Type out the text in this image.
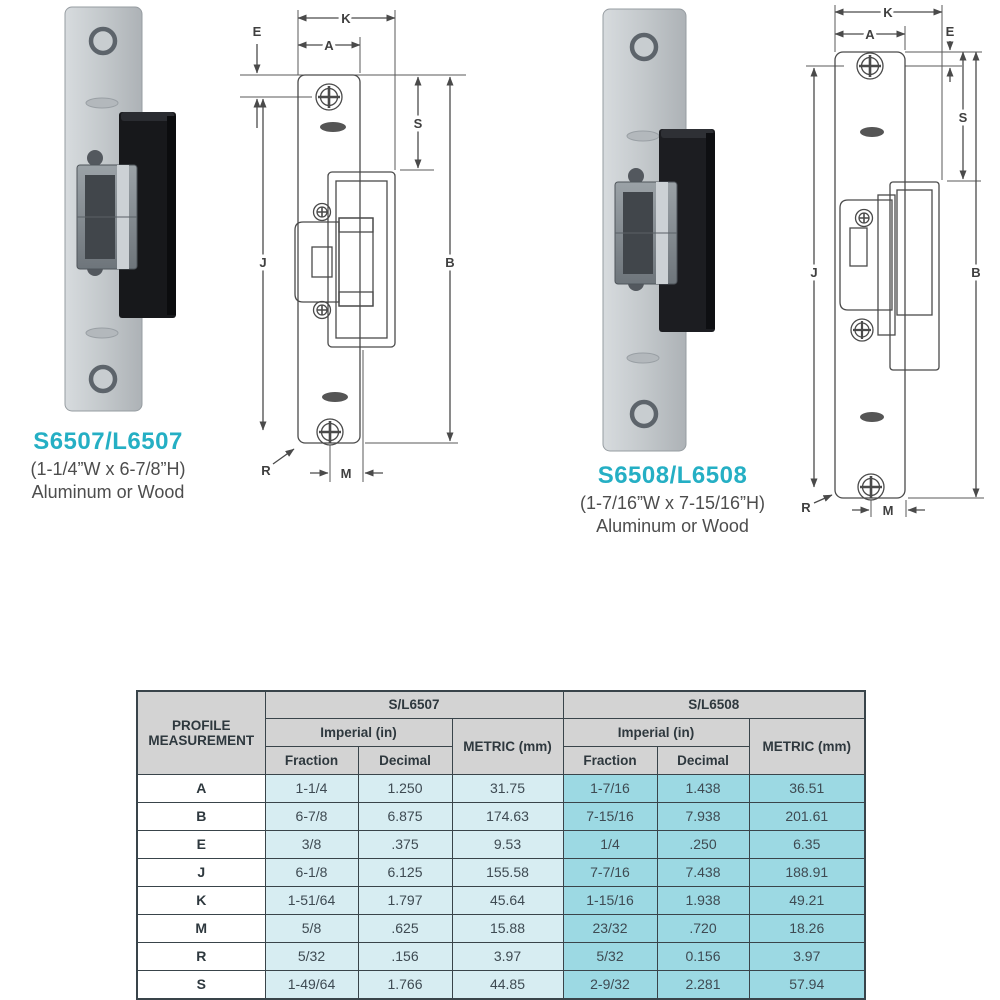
K
A
E
S
B
J
R	M
K
A	E
S
B
J
R	M
S6507/L6507
(1-1/4”W x 6-7/8”H)
Aluminum or Wood
S6508/L6508
(1-7/16”W x 7-15/16”H)
Aluminum or Wood
PROFILE MEASUREMENT	S/L6507			S/L6508		
	Imperial (in)		METRIC (mm)	Imperial (in)		METRIC (mm)
	Fraction	Decimal		Fraction	Decimal	
A	1-1/4	1.250	31.75	1-7/16	1.438	36.51
B	6-7/8	6.875	174.63	7-15/16	7.938	201.61
E	3/8	.375	9.53	1/4	.250	6.35
J	6-1/8	6.125	155.58	7-7/16	7.438	188.91
K	1-51/64	1.797	45.64	1-15/16	1.938	49.21
M	5/8	.625	15.88	23/32	.720	18.26
R	5/32	.156	3.97	5/32	0.156	3.97
S	1-49/64	1.766	44.85	2-9/32	2.281	57.94
